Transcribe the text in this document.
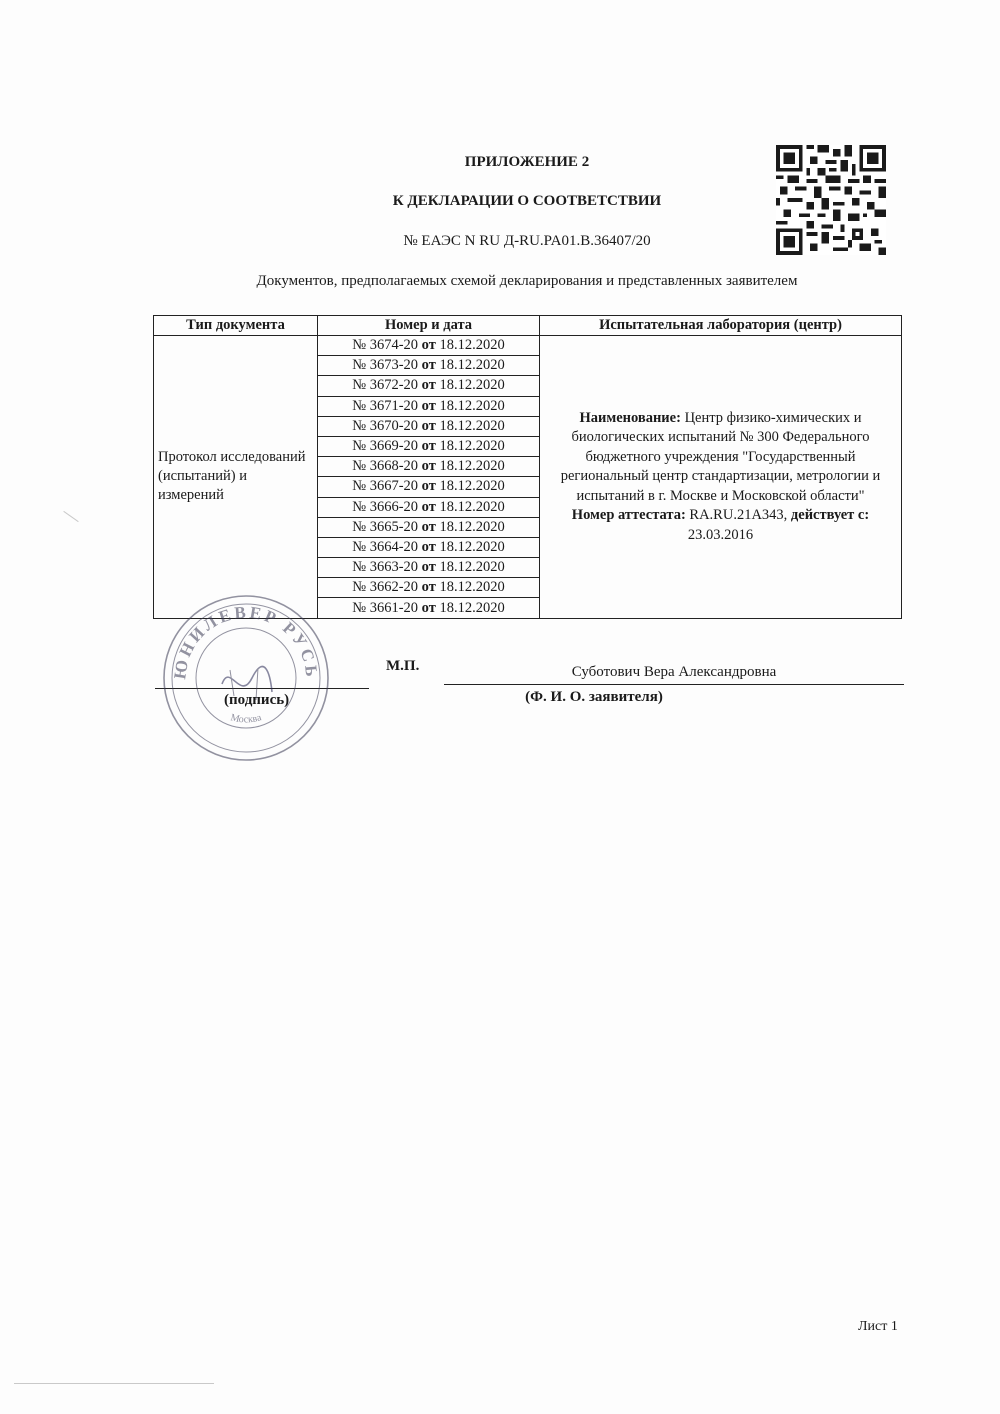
ПРИЛОЖЕНИЕ 2
К ДЕКЛАРАЦИИ О СООТВЕТСТВИИ
№ ЕАЭС N RU Д-RU.PA01.B.36407/20
Документов, предполагаемых схемой декларирования и представленных заявителем
Тип документа	Номер и дата	Испытательная лаборатория (центр)
Протокол исследований (испытаний) и измерений	№ 3674-20 от 18.12.2020	Наименование: Центр физико-химических и биологических испытаний № 300 Федерального бюджетного учреждения "Государственный региональный центр стандартизации, метрологии и испытаний в г. Москве и Московской области"
Номер аттестата: RA.RU.21А343, действует с: 23.03.2016
	№ 3673-20 от 18.12.2020	
	№ 3672-20 от 18.12.2020	
	№ 3671-20 от 18.12.2020	
	№ 3670-20 от 18.12.2020	
	№ 3669-20 от 18.12.2020	
	№ 3668-20 от 18.12.2020	
	№ 3667-20 от 18.12.2020	
	№ 3666-20 от 18.12.2020	
	№ 3665-20 от 18.12.2020	
	№ 3664-20 от 18.12.2020	
	№ 3663-20 от 18.12.2020	
	№ 3662-20 от 18.12.2020	
	№ 3661-20 от 18.12.2020	
М.П.
(подпись)
Суботович Вера Александровна
(Ф. И. О. заявителя)
ЮНИЛЕВЕР РУСЬ
Москва
Лист 1
